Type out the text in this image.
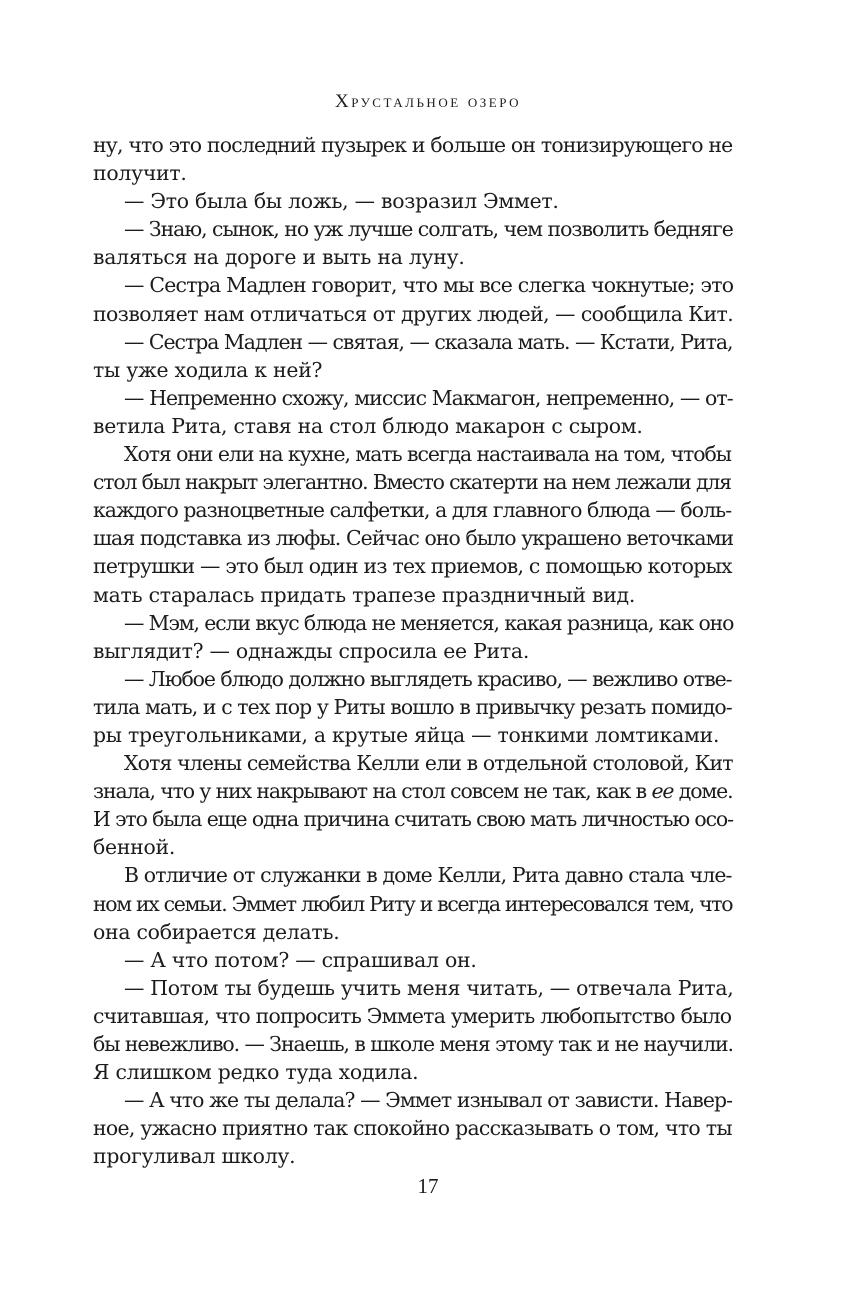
Хрустальное озеро
ну, что это последний пузырек и больше он тонизирующего не
получит.
— Это была бы ложь, — возразил Эммет.
— Знаю, сынок, но уж лучше солгать, чем позволить бедняге
валяться на дороге и выть на луну.
— Сестра Мадлен говорит, что мы все слегка чокнутые; это
позволяет нам отличаться от других людей, — сообщила Кит.
— Сестра Мадлен — святая, — сказала мать. — Кстати, Рита,
ты уже ходила к ней?
— Непременно схожу, миссис Макмагон, непременно, — от-
ветила Рита, ставя на стол блюдо макарон с сыром.
Хотя они ели на кухне, мать всегда настаивала на том, чтобы
стол был накрыт элегантно. Вместо скатерти на нем лежали для
каждого разноцветные салфетки, а для главного блюда — боль-
шая подставка из люфы. Сейчас оно было украшено веточками
петрушки — это был один из тех приемов, с помощью которых
мать старалась придать трапезе праздничный вид.
— Мэм, если вкус блюда не меняется, какая разница, как оно
выглядит? — однажды спросила ее Рита.
— Любое блюдо должно выглядеть красиво, — вежливо отве-
тила мать, и с тех пор у Риты вошло в привычку резать помидо-
ры треугольниками, а крутые яйца — тонкими ломтиками.
Хотя члены семейства Келли ели в отдельной столовой, Кит
знала, что у них накрывают на стол совсем не так, как в ее доме.
И это была еще одна причина считать свою мать личностью осо-
бенной.
В отличие от служанки в доме Келли, Рита давно стала чле-
ном их семьи. Эммет любил Риту и всегда интересовался тем, что
она собирается делать.
— А что потом? — спрашивал он.
— Потом ты будешь учить меня читать, — отвечала Рита,
считавшая, что попросить Эммета умерить любопытство было
бы невежливо. — Знаешь, в школе меня этому так и не научили.
Я слишком редко туда ходила.
— А что же ты делала? — Эммет изнывал от зависти. Навер-
ное, ужасно приятно так спокойно рассказывать о том, что ты
прогуливал школу.
17
